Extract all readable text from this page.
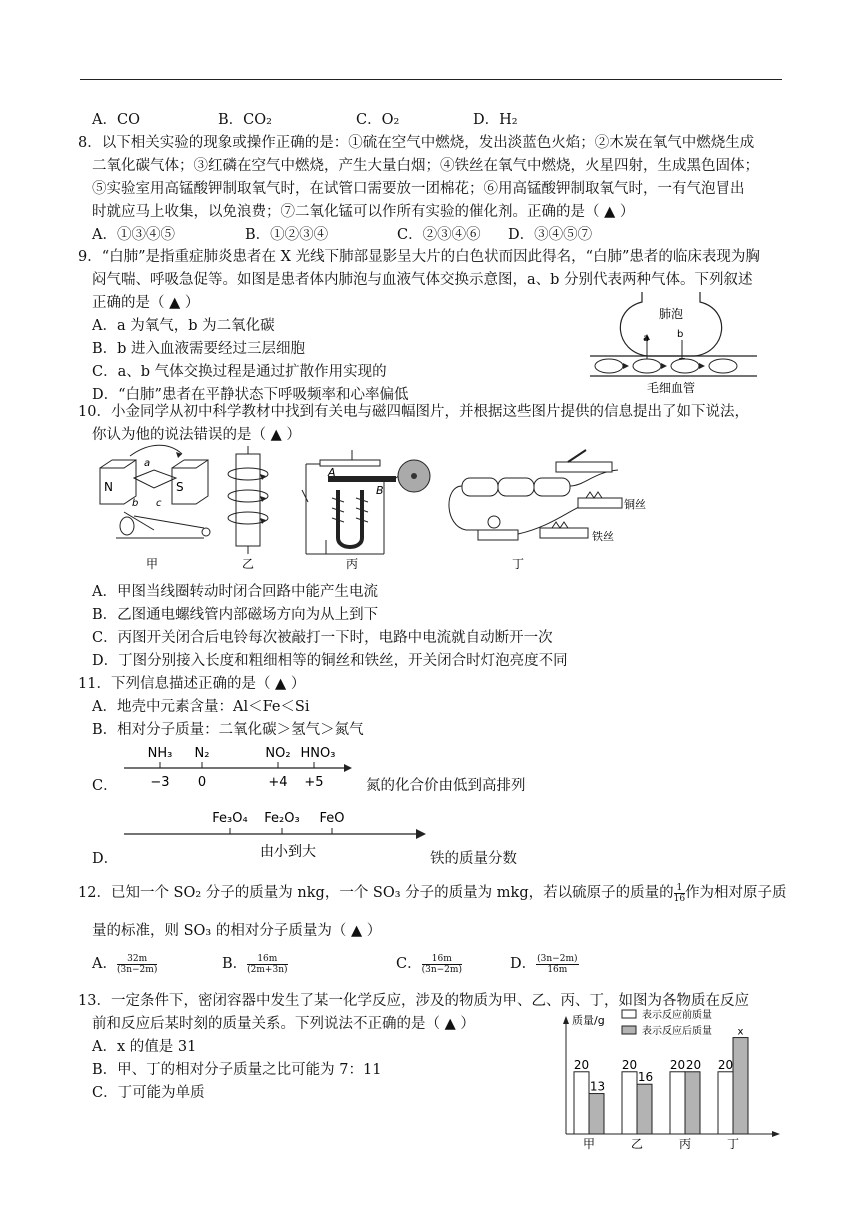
A．CO	B．CO₂	C．O₂	D．H₂
8．以下相关实验的现象或操作正确的是：①硫在空气中燃烧，发出淡蓝色火焰；②木炭在氧气中燃烧生成
二氧化碳气体；③红磷在空气中燃烧，产生大量白烟；④铁丝在氧气中燃烧，火星四射，生成黑色固体；
⑤实验室用高锰酸钾制取氧气时，在试管口需要放一团棉花；⑥用高锰酸钾制取氧气时，一有气泡冒出
时就应马上收集，以免浪费；⑦二氧化锰可以作所有实验的催化剂。正确的是（ ▲ ）
A．①③④⑤	B．①②③④	C．②③④⑥ D．③④⑤⑦
9．“白肺”是指重症肺炎患者在 X 光线下肺部显影呈大片的白色状而因此得名，“白肺”患者的临床表现为胸
闷气喘、呼吸急促等。如图是患者体内肺泡与血液气体交换示意图，a、b 分别代表两种气体。下列叙述
正确的是（ ▲ ）
A．a 为氧气，b 为二氧化碳
B．b 进入血液需要经过三层细胞
C．a、b 气体交换过程是通过扩散作用实现的
D．“白肺”患者在平静状态下呼吸频率和心率偏低
肺泡
a	b
毛细血管
10．小金同学从初中科学教材中找到有关电与磁四幅图片，并根据这些图片提供的信息提出了如下说法，
你认为他的说法错误的是（ ▲ ）
N	S
a
b c
甲	乙
A
B
丙
铜丝
铁丝
丁
A．甲图当线圈转动时闭合回路中能产生电流
B．乙图通电螺线管内部磁场方向为从上到下
C．丙图开关闭合后电铃每次被敲打一下时，电路中电流就自动断开一次
D．丁图分别接入长度和粗细相等的铜丝和铁丝，开关闭合时灯泡亮度不同
11．下列信息描述正确的是（ ▲ ）
A．地壳中元素含量：Al＜Fe＜Si
B．相对分子质量：二氧化碳＞氢气＞氮气
C．
NH₃ N₂	NO₂ HNO₃
−3 0	+4 +5	氮的化合价由低到高排列
D．
Fe₃O₄ Fe₂O₃ FeO
由小到大	铁的质量分数
12．已知一个 SO₂ 分子的质量为 nkg，一个 SO₃ 分子的质量为 mkg，若以硫原子的质量的 $\frac{1}{16}$ 作为相对原子质
量的标准，则 SO₃ 的相对分子质量为（ ▲ ）
A． $\frac{32m}{(3n-2m)}$	B． $\frac{16m}{(2m+3n)}$	C． $\frac{16m}{(3n-2m)}$	D． $\frac{(3n-2m)}{16m}$
13．一定条件下，密闭容器中发生了某一化学反应，涉及的物质为甲、乙、丙、丁，如图为各物质在反应
前和反应后某时刻的质量关系。下列说法不正确的是（ ▲ ）
A．x 的值是 31
B．甲、丁的相对分子质量之比可能为 7：11
C．丁可能为单质
质量/g	表示反应前质量
表示反应后质量
20
13
甲
20
16
乙
20 20
丙
20
x
丁
